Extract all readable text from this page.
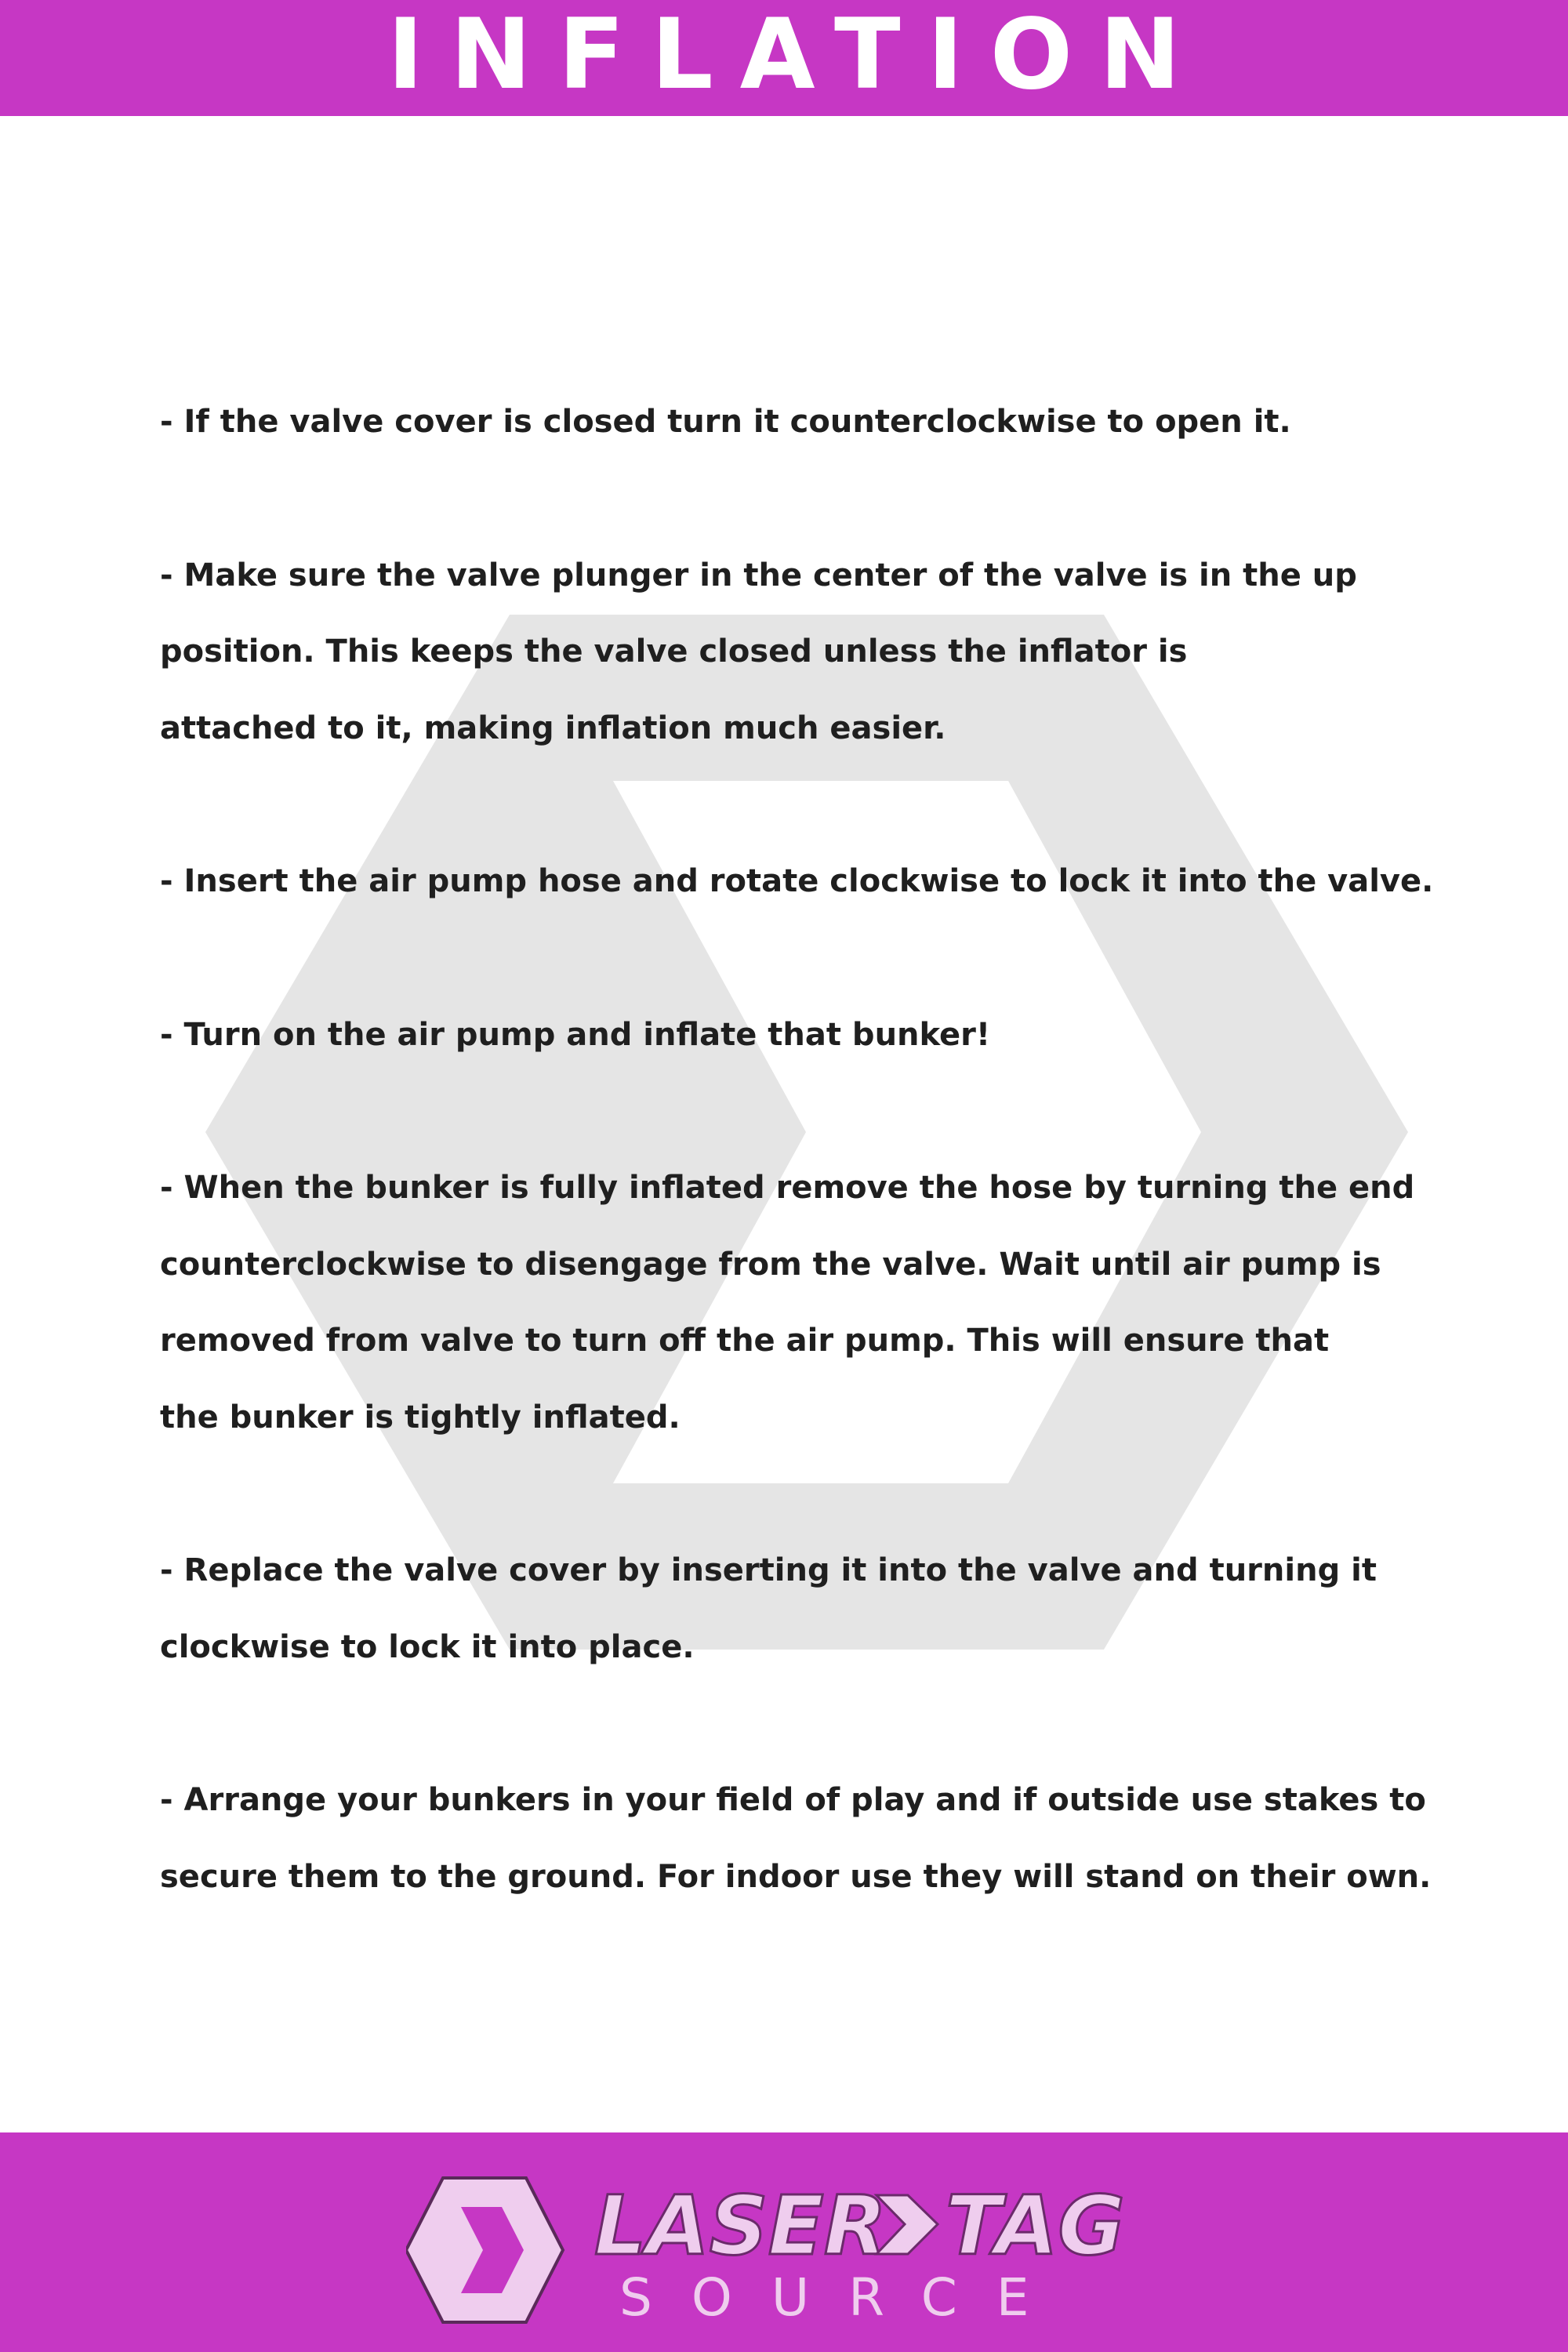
INFLATION
- If the valve cover is closed turn it counterclockwise to open it.
- Make sure the valve plunger in the center of the valve is in the up
position. This keeps the valve closed unless the inflator is
attached to it, making inflation much easier.
- Insert the air pump hose and rotate clockwise to lock it into the valve.
- Turn on the air pump and inflate that bunker!
- When the bunker is fully inflated remove the hose by turning the end
counterclockwise to disengage from the valve. Wait until air pump is
removed from valve to turn off the air pump. This will ensure that
the bunker is tightly inflated.
- Replace the valve cover by inserting it into the valve and turning it
clockwise to lock it into place.
- Arrange your bunkers in your field of play and if outside use stakes to
secure them to the ground. For indoor use they will stand on their own.
LASER TAG
SOURCE
